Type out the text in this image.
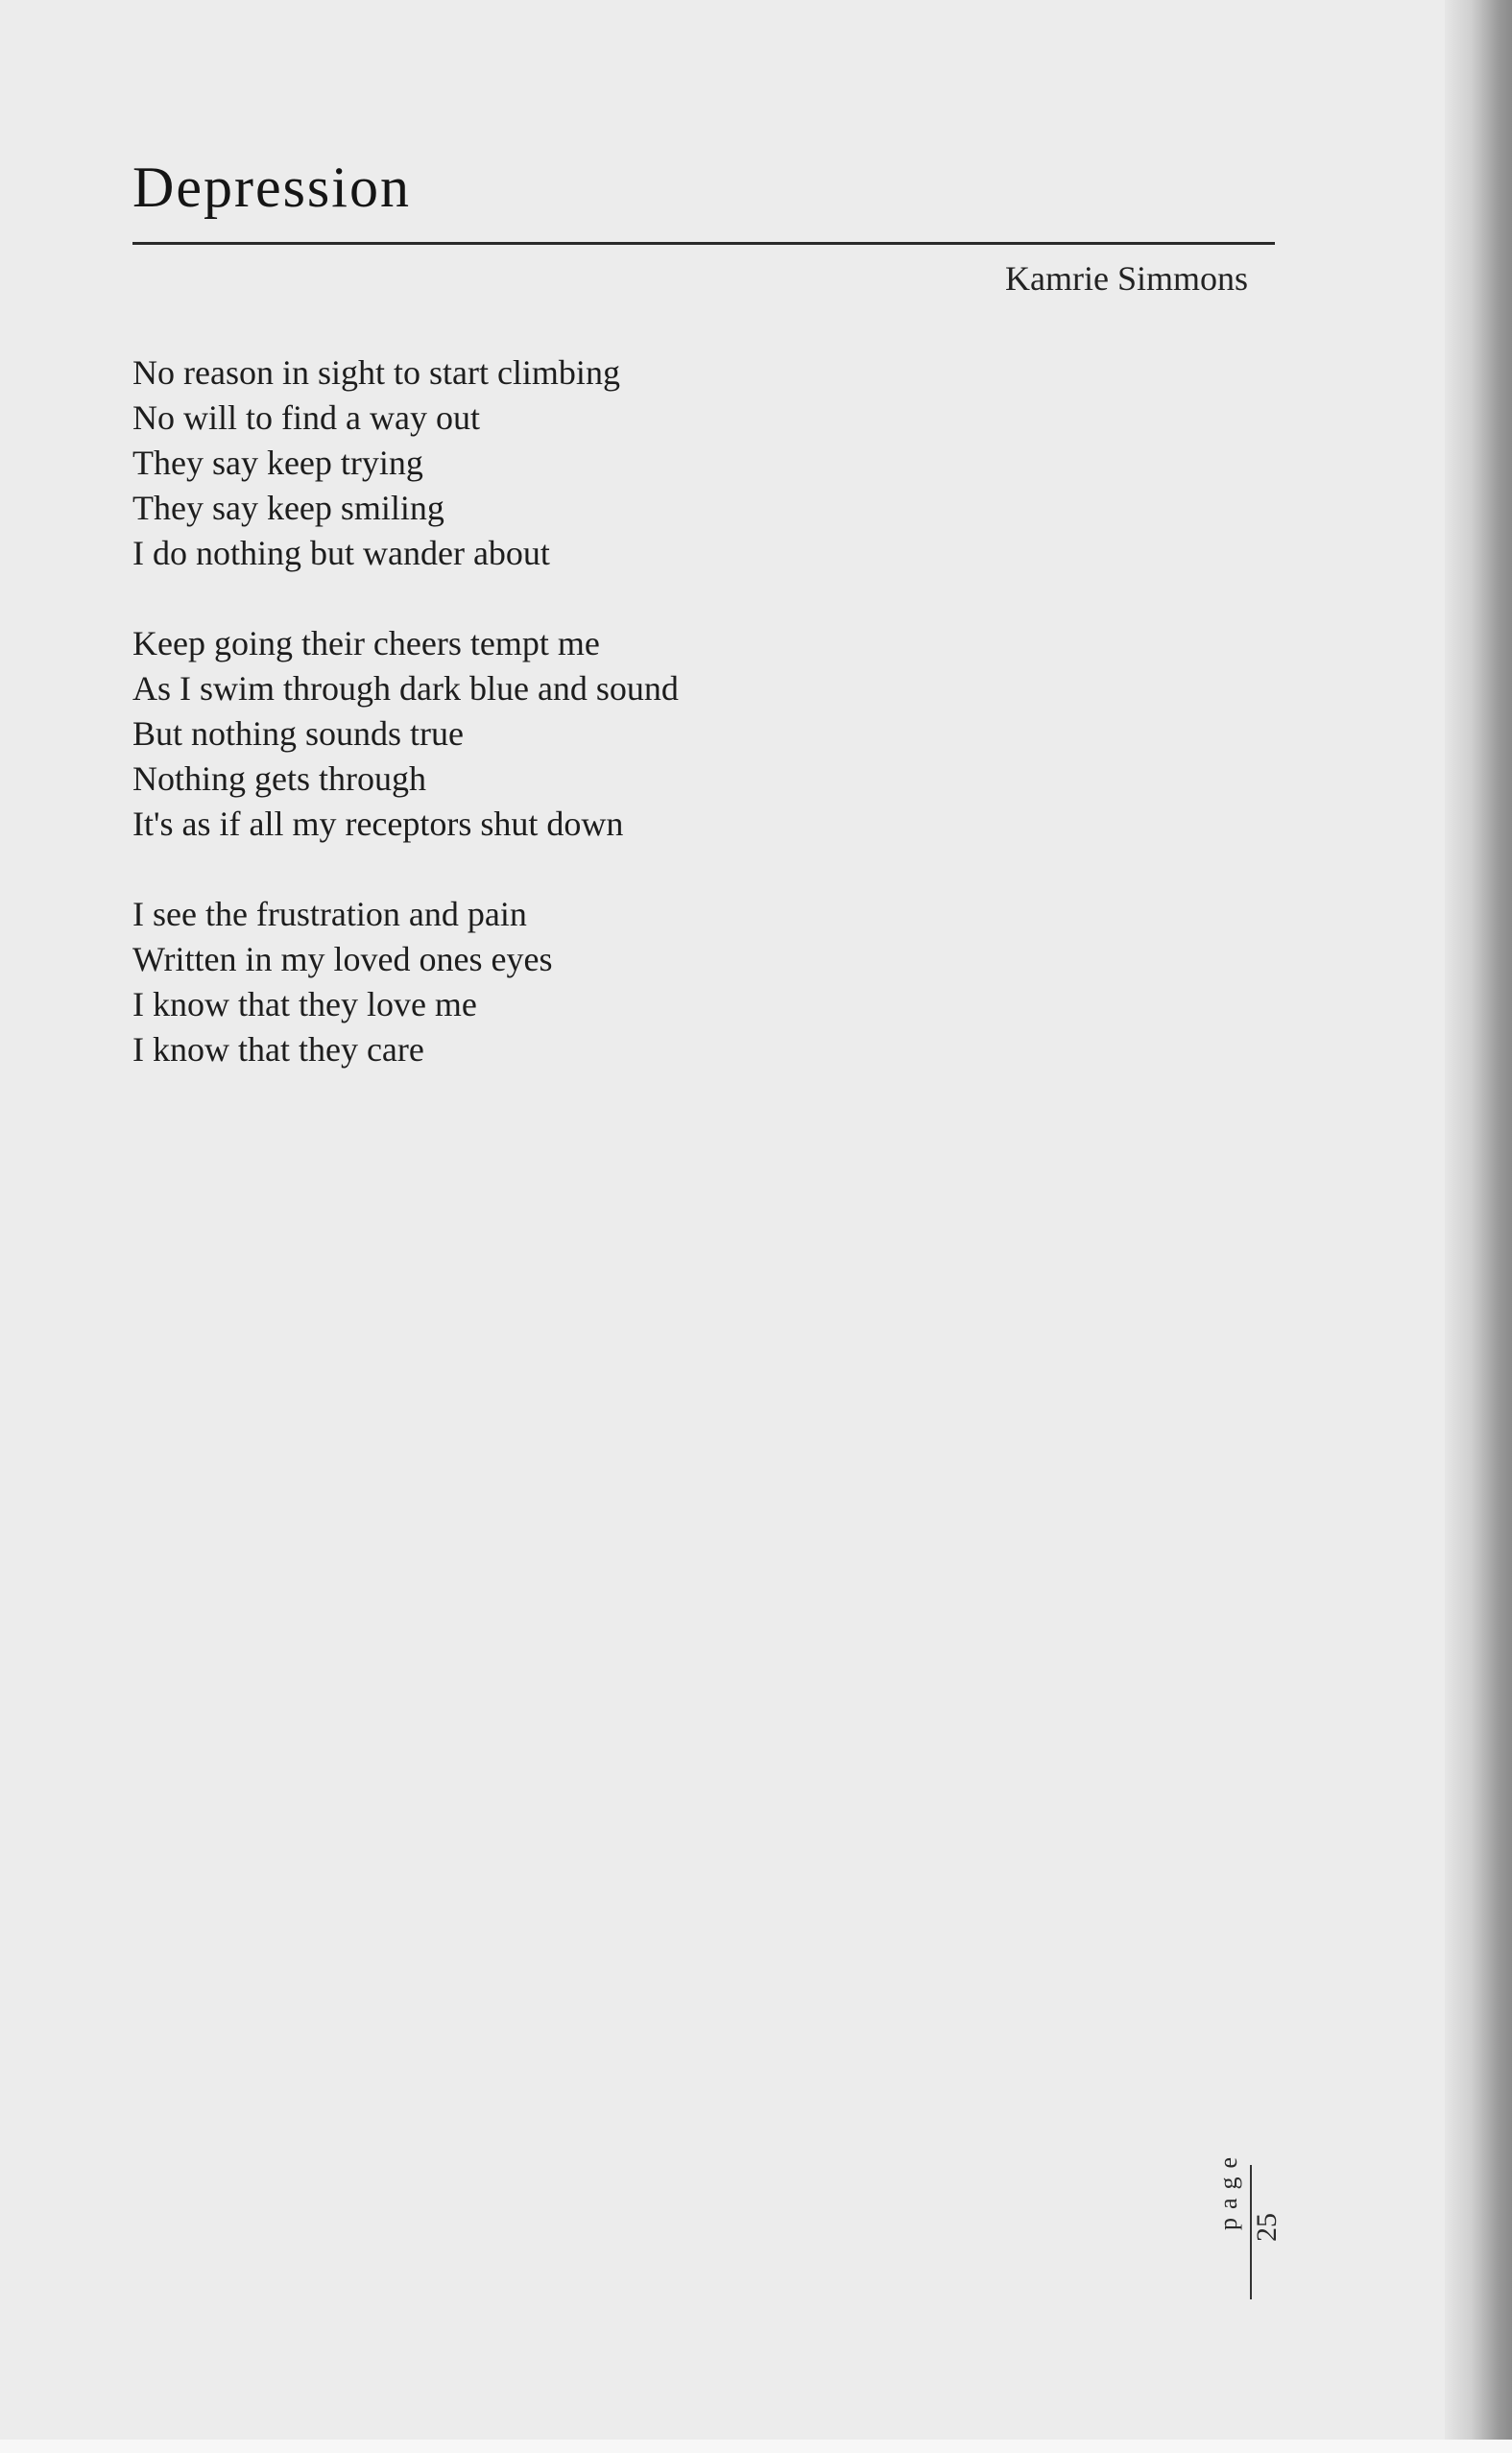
Depression
Kamrie Simmons
No reason in sight to start climbing
No will to find a way out
They say keep trying
They say keep smiling
I do nothing but wander about
Keep going their cheers tempt me
As I swim through dark blue and sound
But nothing sounds true
Nothing gets through
It's as if all my receptors shut down
I see the frustration and pain
Written in my loved ones eyes
I know that they love me
I know that they care
page 25
